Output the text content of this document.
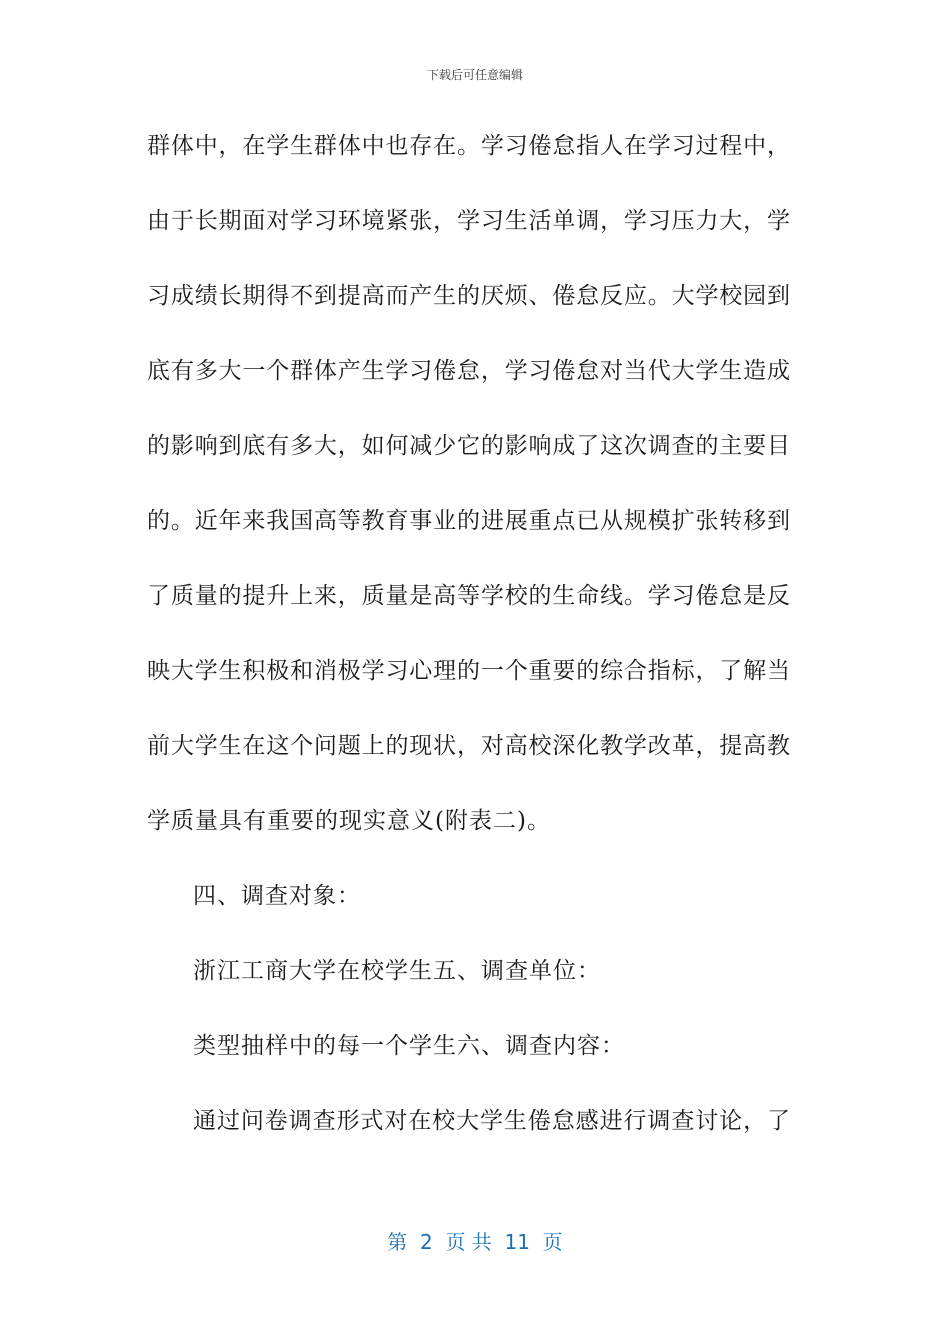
下载后可任意编辑
群体中，在学生群体中也存在。学习倦怠指人在学习过程中，
由于长期面对学习环境紧张，学习生活单调，学习压力大，学
习成绩长期得不到提高而产生的厌烦、倦怠反应。大学校园到
底有多大一个群体产生学习倦怠，学习倦怠对当代大学生造成
的影响到底有多大，如何减少它的影响成了这次调查的主要目
的。近年来我国高等教育事业的进展重点已从规模扩张转移到
了质量的提升上来，质量是高等学校的生命线。学习倦怠是反
映大学生积极和消极学习心理的一个重要的综合指标，了解当
前大学生在这个问题上的现状，对高校深化教学改革，提高教
学质量具有重要的现实意义(附表二)。
四、调查对象：
浙江工商大学在校学生五、调查单位：
类型抽样中的每一个学生六、调查内容：
通过问卷调查形式对在校大学生倦怠感进行调查讨论，了
第  2  页 共  11  页
